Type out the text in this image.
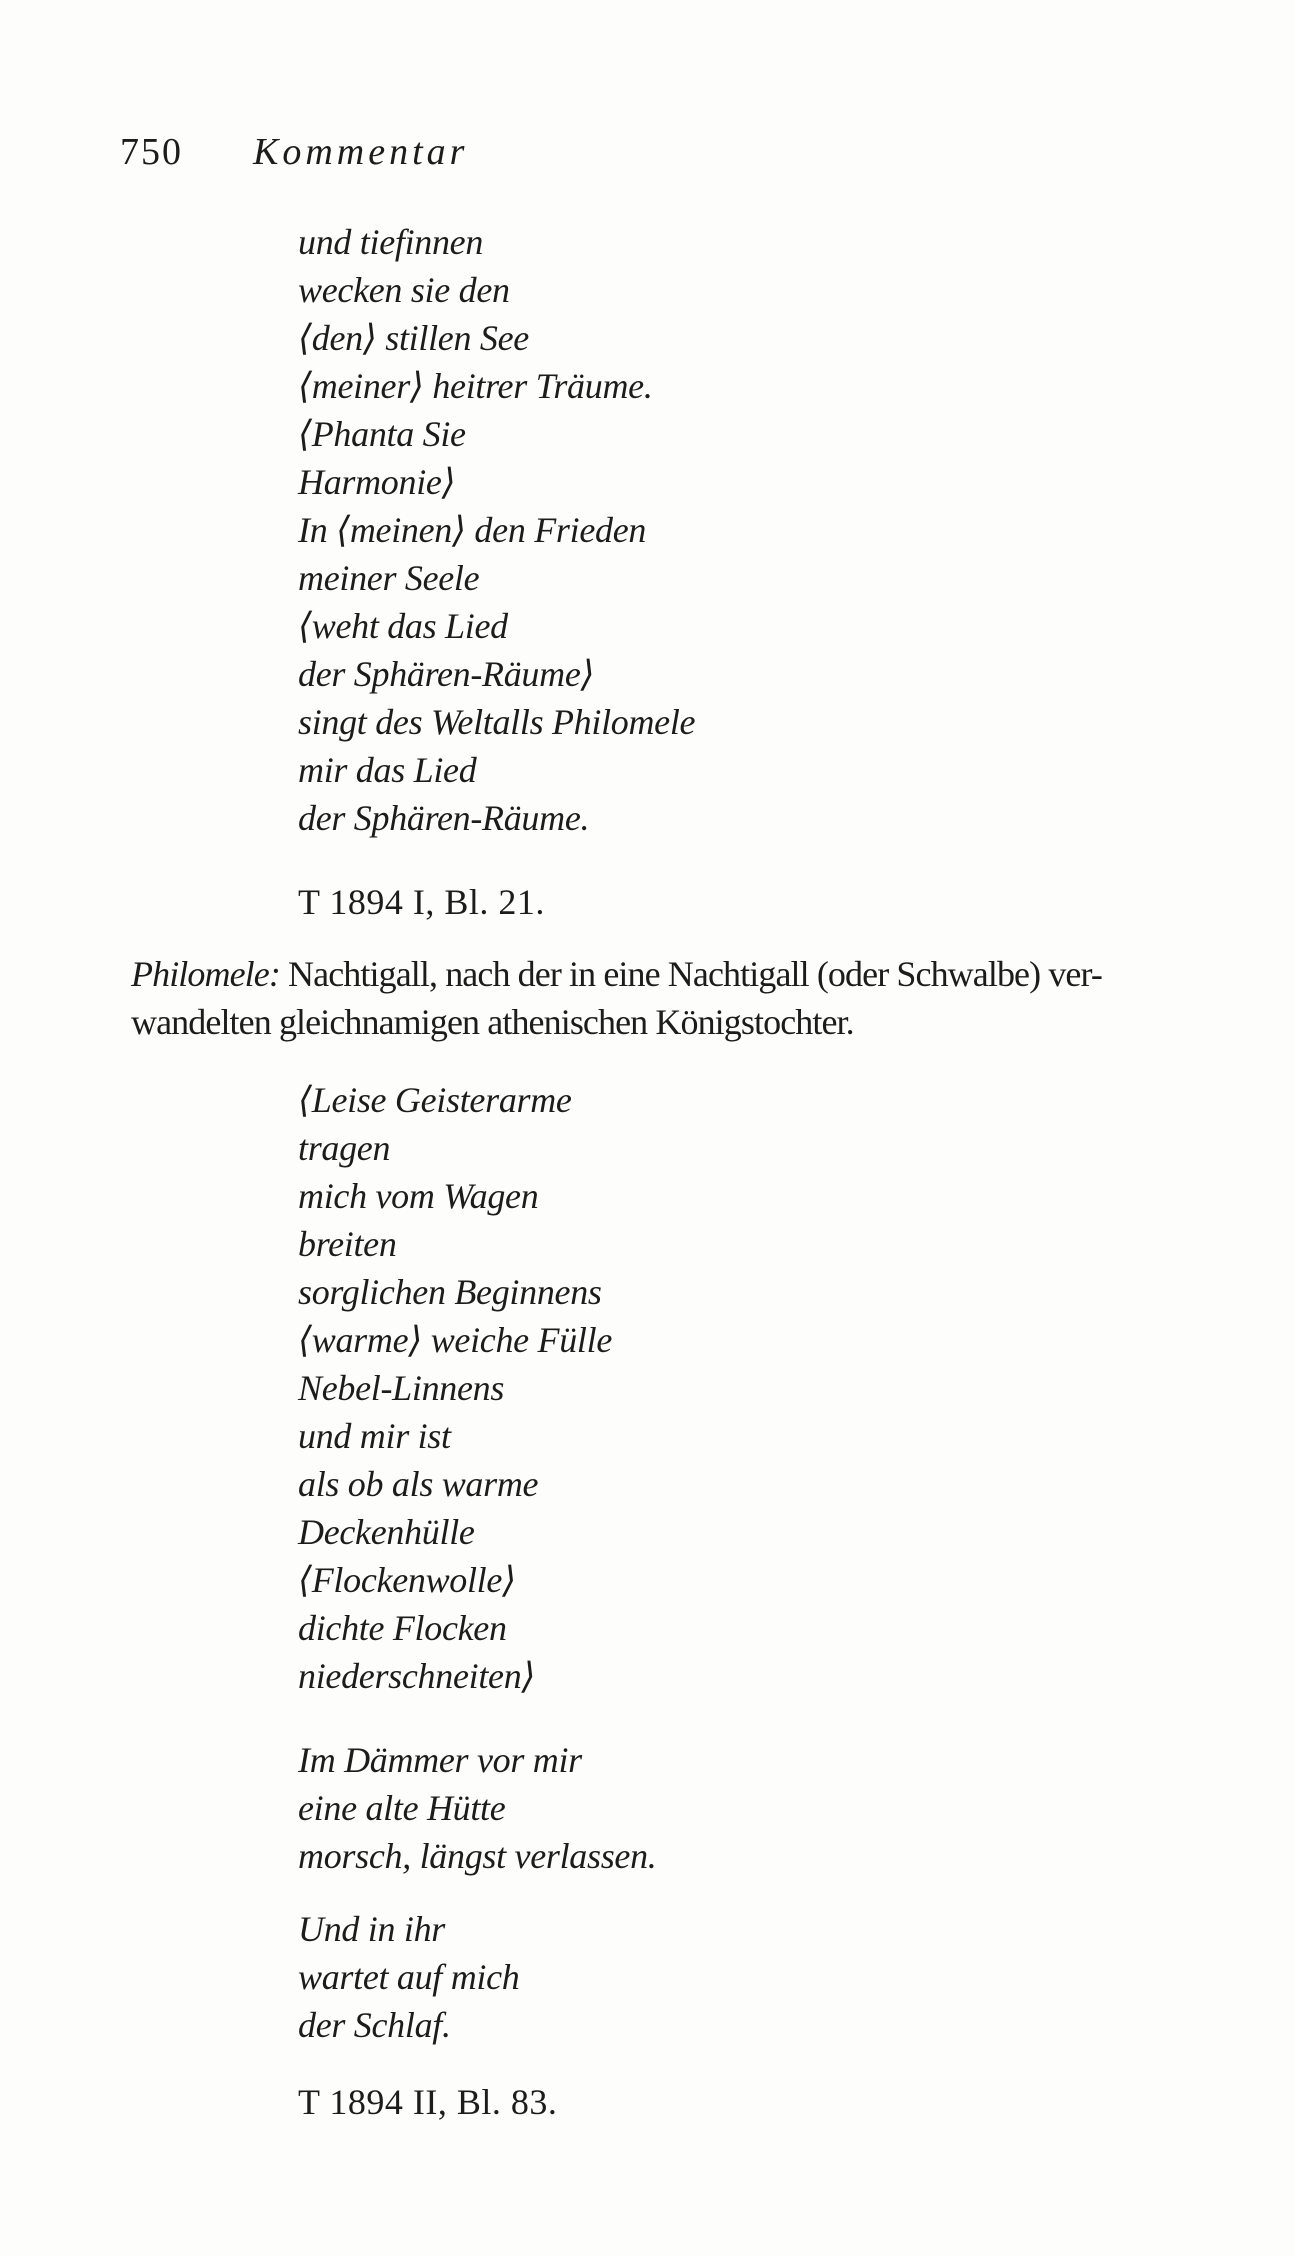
750 Kommentar
und tiefinnen
wecken sie den
⟨den⟩ stillen See
⟨meiner⟩ heitrer Träume.
⟨Phanta Sie
Harmonie⟩
In ⟨meinen⟩ den Frieden
meiner Seele
⟨weht das Lied
der Sphären-Räume⟩
singt des Weltalls Philomele
mir das Lied
der Sphären-Räume.
T 1894 I, Bl. 21.

Philomele: Nachtigall, nach der in eine Nachtigall (oder Schwalbe) ver-
wandelten gleichnamigen athenischen Königstochter.

⟨Leise Geisterarme
tragen
mich vom Wagen
breiten
sorglichen Beginnens
⟨warme⟩ weiche Fülle
Nebel-Linnens
und mir ist
als ob als warme
Deckenhülle
⟨Flockenwolle⟩
dichte Flocken
niederschneiten⟩
Im Dämmer vor mir
eine alte Hütte
morsch, längst verlassen.
Und in ihr
wartet auf mich
der Schlaf.
T 1894 II, Bl. 83.
